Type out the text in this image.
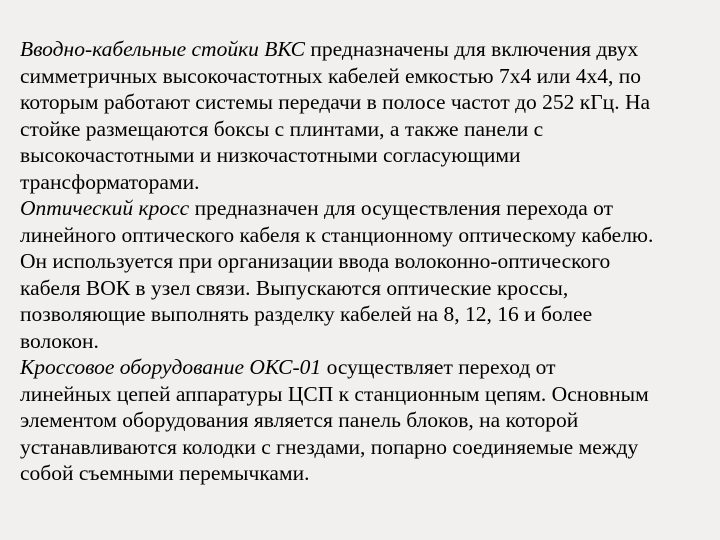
Вводно-кабельные стойки ВКС предназначены для включения двух
симметричных высокочастотных кабелей емкостью 7х4 или 4х4, по
которым работают системы передачи в полосе частот до 252 кГц. На
стойке размещаются боксы с плинтами, а также панели с
высокочастотными и низкочастотными согласующими
трансформаторами.
Оптический кросс предназначен для осуществления перехода от
линейного оптического кабеля к станционному оптическому кабелю.
Он используется при организации ввода волоконно-оптического
кабеля ВОК в узел связи. Выпускаются оптические кроссы,
позволяющие выполнять разделку кабелей на 8, 12, 16 и более
волокон.
Кроссовое оборудование ОКС-01 осуществляет переход от
линейных цепей аппаратуры ЦСП к станционным цепям. Основным
элементом оборудования является панель блоков, на которой
устанавливаются колодки с гнездами, попарно соединяемые между
собой съемными перемычками.
